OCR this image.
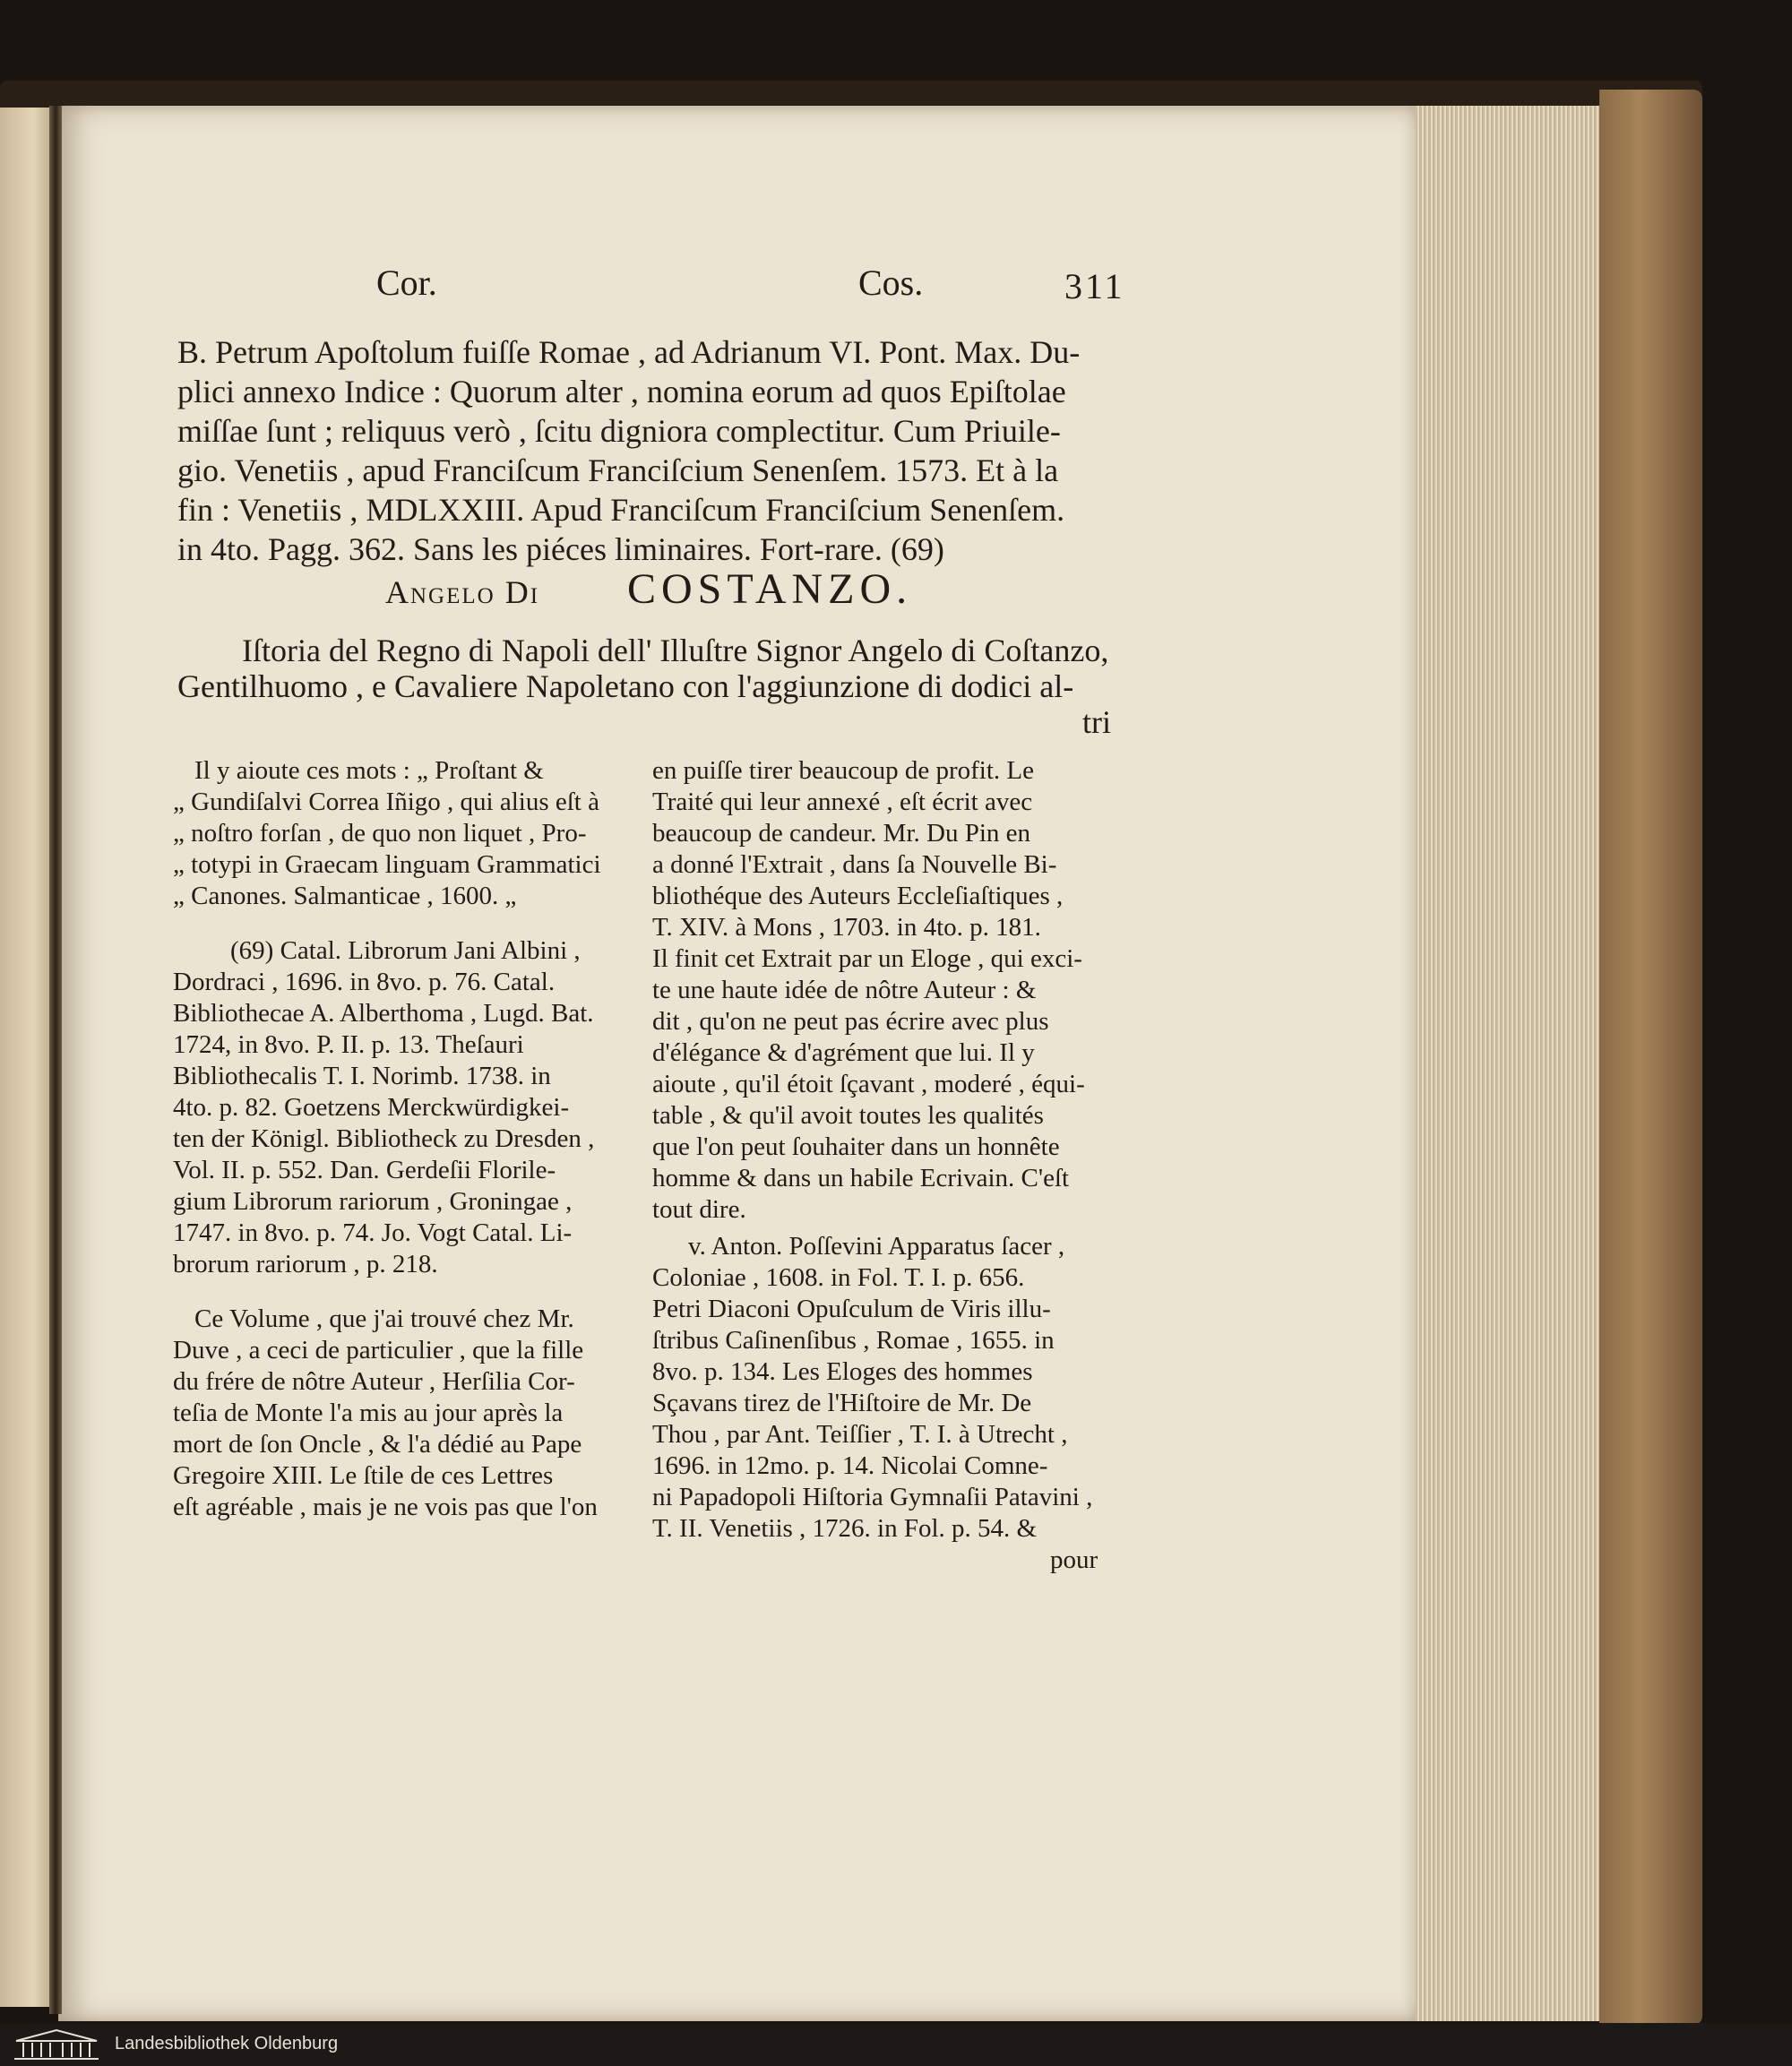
Cor.	Cos.	311
B. Petrum Apoſtolum fuiſſe Romae , ad Adrianum VI. Pont. Max. Du-
plici annexo Indice : Quorum alter , nomina eorum ad quos Epiſtolae
miſſae ſunt ; reliquus verò , ſcitu digniora complectitur. Cum Priuile-
gio. Venetiis , apud Franciſcum Franciſcium Senenſem. 1573. Et à la
fin : Venetiis , MDLXXIII. Apud Franciſcum Franciſcium Senenſem.
in 4to. Pagg. 362. Sans les piéces liminaires. Fort-rare. (69)
Angelo Di COSTANZO.
Iſtoria del Regno di Napoli dell' Illuſtre Signor Angelo di Coſtanzo,
Gentilhuomo , e Cavaliere Napoletano con l'aggiunzione di dodici al-
tri
Il y aioute ces mots : „ Proſtant &
„ Gundiſalvi Correa Iñigo , qui alius eſt à
„ noſtro forſan , de quo non liquet , Pro-
„ totypi in Graecam linguam Grammatici
„ Canones. Salmanticae , 1600. „
(69) Catal. Librorum Jani Albini ,
Dordraci , 1696. in 8vo. p. 76. Catal.
Bibliothecae A. Alberthoma , Lugd. Bat.
1724, in 8vo. P. II. p. 13. Theſauri
Bibliothecalis T. I. Norimb. 1738. in
4to. p. 82. Goetzens Merckwürdigkei-
ten der Königl. Bibliotheck zu Dresden ,
Vol. II. p. 552. Dan. Gerdeſii Florile-
gium Librorum rariorum , Groningae ,
1747. in 8vo. p. 74. Jo. Vogt Catal. Li-
brorum rariorum , p. 218.
Ce Volume , que j'ai trouvé chez Mr.
Duve , a ceci de particulier , que la fille
du frére de nôtre Auteur , Herſilia Cor-
teſia de Monte l'a mis au jour après la
mort de ſon Oncle , & l'a dédié au Pape
Gregoire XIII. Le ſtile de ces Lettres
eſt agréable , mais je ne vois pas que l'on
en puiſſe tirer beaucoup de profit. Le
Traité qui leur annexé , eſt écrit avec
beaucoup de candeur. Mr. Du Pin en
a donné l'Extrait , dans ſa Nouvelle Bi-
bliothéque des Auteurs Eccleſiaſtiques ,
T. XIV. à Mons , 1703. in 4to. p. 181.
Il finit cet Extrait par un Eloge , qui exci-
te une haute idée de nôtre Auteur : &
dit , qu'on ne peut pas écrire avec plus
d'élégance & d'agrément que lui. Il y
aioute , qu'il étoit ſçavant , moderé , équi-
table , & qu'il avoit toutes les qualités
que l'on peut ſouhaiter dans un honnête
homme & dans un habile Ecrivain. C'eſt
tout dire.
v. Anton. Poſſevini Apparatus ſacer ,
Coloniae , 1608. in Fol. T. I. p. 656.
Petri Diaconi Opuſculum de Viris illu-
ſtribus Caſinenſibus , Romae , 1655. in
8vo. p. 134. Les Eloges des hommes
Sçavans tirez de l'Hiſtoire de Mr. De
Thou , par Ant. Teiſſier , T. I. à Utrecht ,
1696. in 12mo. p. 14. Nicolai Comne-
ni Papadopoli Hiſtoria Gymnaſii Patavini ,
T. II. Venetiis , 1726. in Fol. p. 54. &
pour
Landesbibliothek Oldenburg
